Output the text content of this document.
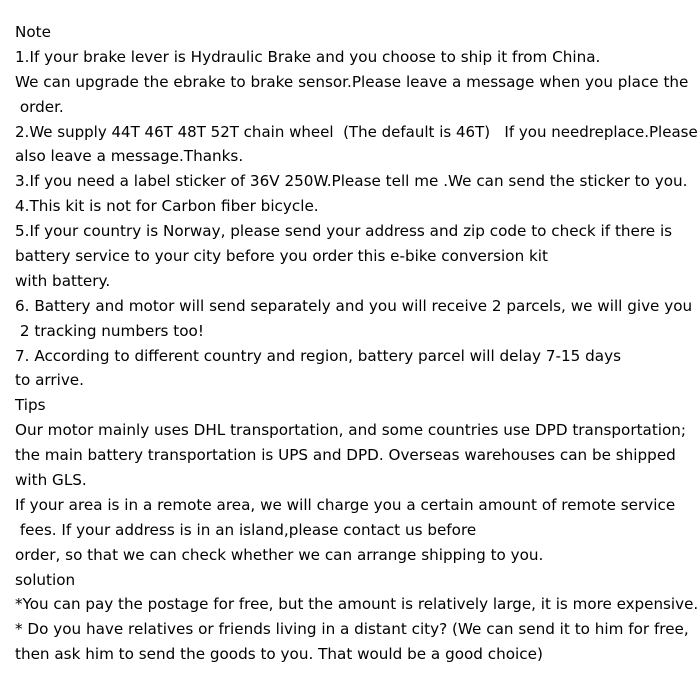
Note
1.If your brake lever is Hydraulic Brake and you choose to ship it from China.
We can upgrade the ebrake to brake sensor.Please leave a message when you place the
order.
2.We supply 44T 46T 48T 52T chain wheel  (The default is 46T)   If you needreplace.Please
also leave a message.Thanks.
3.If you need a label sticker of 36V 250W.Please tell me .We can send the sticker to you.
4.This kit is not for Carbon fiber bicycle.
5.If your country is Norway, please send your address and zip code to check if there is
battery service to your city before you order this e-bike conversion kit
with battery.
6. Battery and motor will send separately and you will receive 2 parcels, we will give you
2 tracking numbers too!
7. According to different country and region, battery parcel will delay 7-15 days
to arrive.
Tips
Our motor mainly uses DHL transportation, and some countries use DPD transportation;
the main battery transportation is UPS and DPD. Overseas warehouses can be shipped
with GLS.
If your area is in a remote area, we will charge you a certain amount of remote service
fees. If your address is in an island,please contact us before
order, so that we can check whether we can arrange shipping to you.
solution
*You can pay the postage for free, but the amount is relatively large, it is more expensive.
* Do you have relatives or friends living in a distant city? (We can send it to him for free,
then ask him to send the goods to you. That would be a good choice)
